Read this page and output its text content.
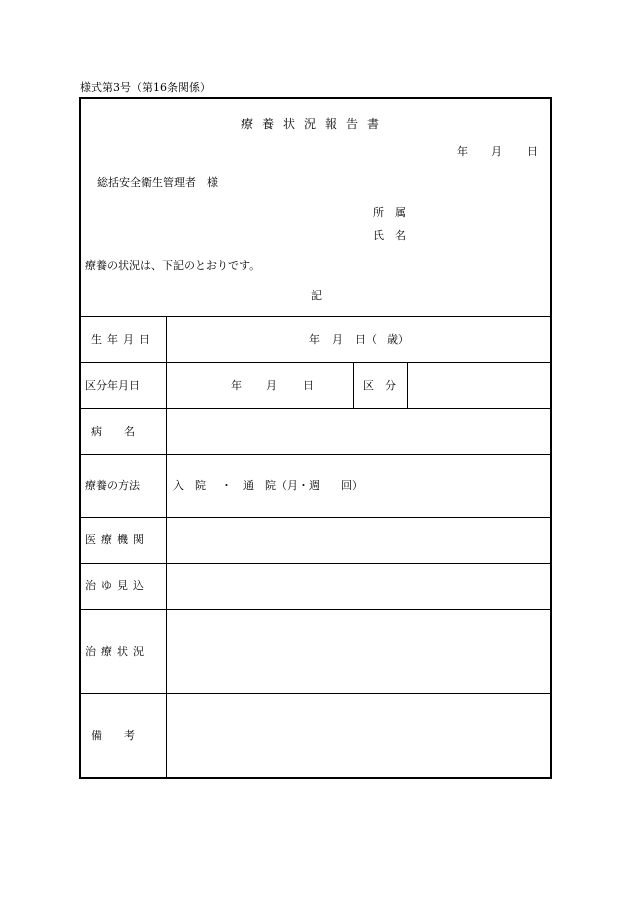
様式第3号（第16条関係）
療養状況報告書
年 月 日
総括安全衛生管理者　様
所　属
氏　名
療養の状況は、下記のとおりです。
記
生年月日	年 月 日（ 歳）
区分年月日	年 月 日	区　分
病　　名
療養の方法	入　院 ・ 通　院（月・週 回）
医療機関
治ゆ見込
治療状況
備　　考
